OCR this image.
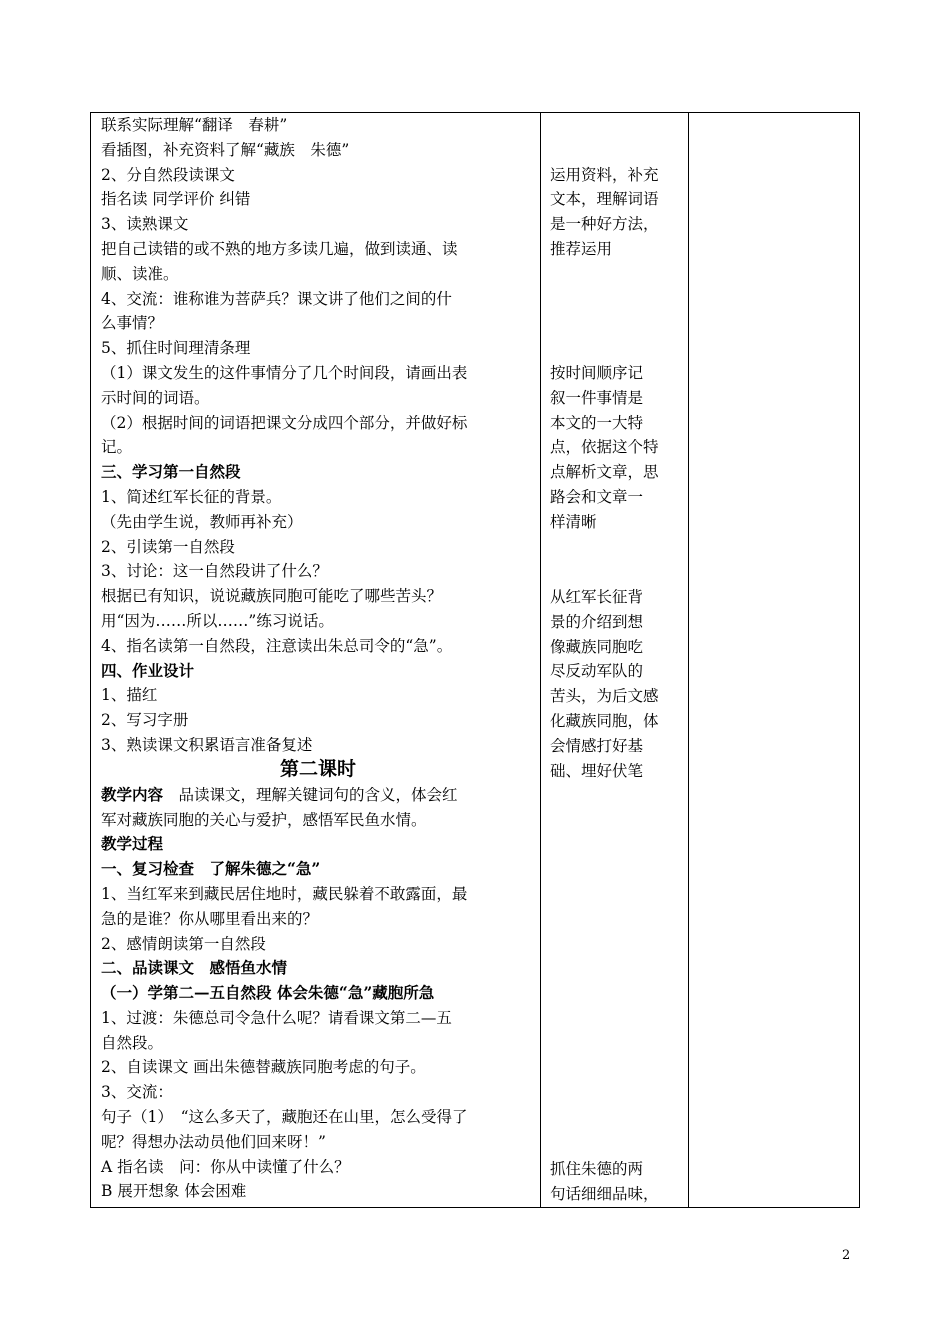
联系实际理解“翻译　春耕”
看插图，补充资料了解“藏族　朱德”
2、分自然段读课文
指名读 同学评价 纠错
3、读熟课文
把自己读错的或不熟的地方多读几遍，做到读通、读
顺、读准。
4、交流：谁称谁为菩萨兵？课文讲了他们之间的什
么事情？
5、抓住时间理清条理
（1）课文发生的这件事情分了几个时间段，请画出表
示时间的词语。
（2）根据时间的词语把课文分成四个部分，并做好标
记。
三、学习第一自然段
1、简述红军长征的背景。
（先由学生说，教师再补充）
2、引读第一自然段
3、讨论：这一自然段讲了什么？
根据已有知识，说说藏族同胞可能吃了哪些苦头？
用“因为……所以……”练习说话。
4、指名读第一自然段，注意读出朱总司令的“急”。
四、作业设计
1、描红
2、写习字册
3、熟读课文积累语言准备复述
第二课时
教学内容　品读课文，理解关键词句的含义，体会红
军对藏族同胞的关心与爱护，感悟军民鱼水情。
教学过程
一、复习检查　了解朱德之“急”
1、当红军来到藏民居住地时，藏民躲着不敢露面，最
急的是谁？你从哪里看出来的？
2、感情朗读第一自然段
二、品读课文　感悟鱼水情
（一）学第二—五自然段 体会朱德“急”藏胞所急
1、过渡：朱德总司令急什么呢？请看课文第二—五
自然段。
2、自读课文 画出朱德替藏族同胞考虑的句子。
3、交流：
句子（1）　“这么多天了，藏胞还在山里，怎么受得了
呢？得想办法动员他们回来呀！”
A 指名读　问：你从中读懂了什么？
B 展开想象 体会困难
运用资料，补充
文本，理解词语
是一种好方法，
推荐运用
按时间顺序记
叙一件事情是
本文的一大特
点，依据这个特
点解析文章，思
路会和文章一
样清晰
从红军长征背
景的介绍到想
像藏族同胞吃
尽反动军队的
苦头，为后文感
化藏族同胞，体
会情感打好基
础、埋好伏笔
抓住朱德的两
句话细细品味，
2
